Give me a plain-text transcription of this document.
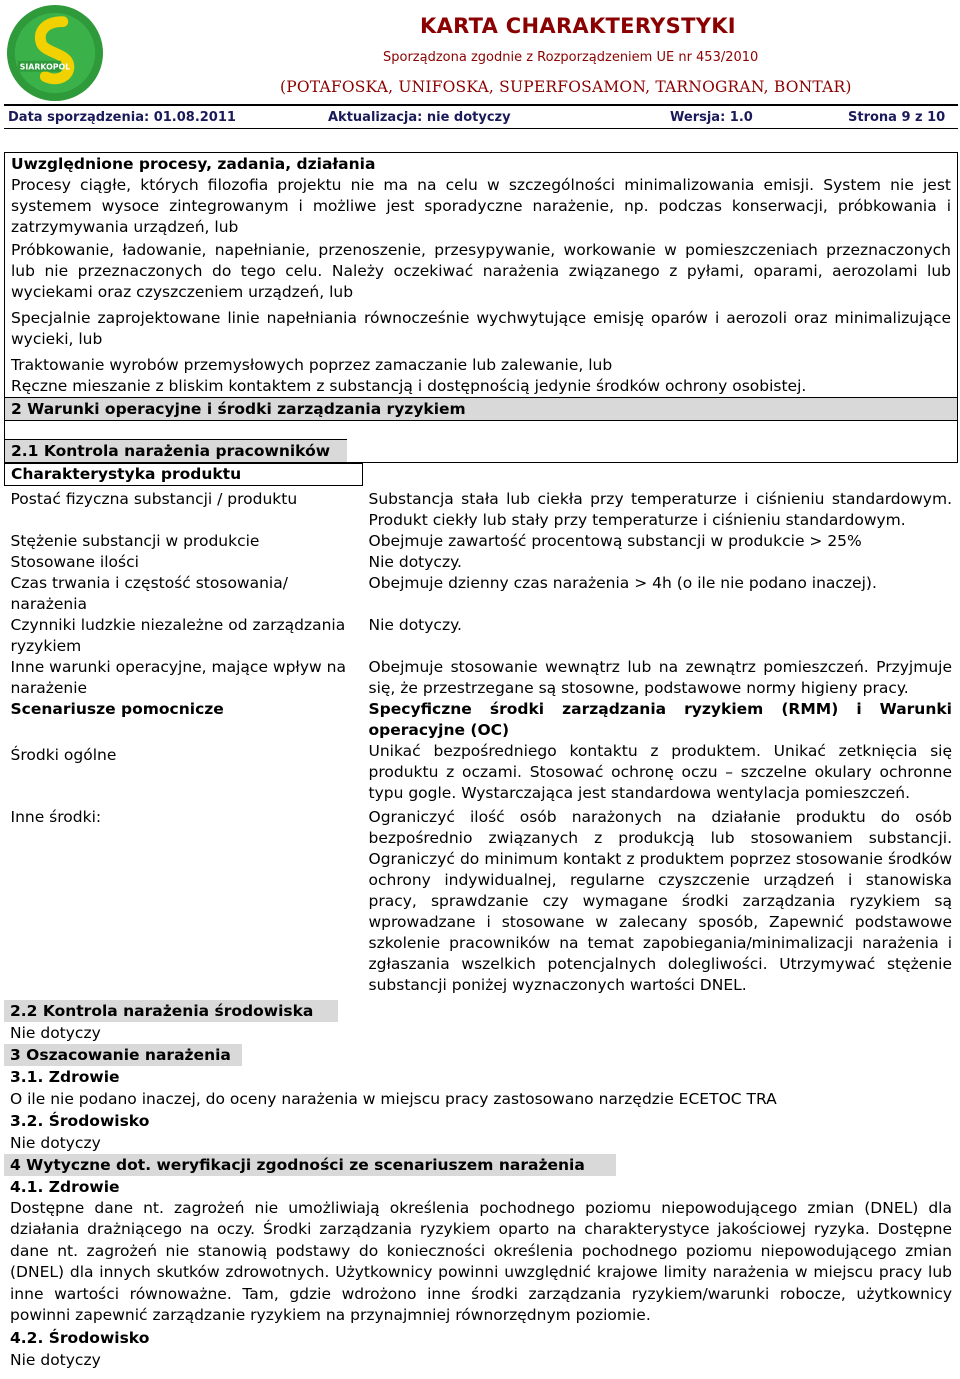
SIARKOPOL
KARTA CHARAKTERYSTYKI
Sporządzona zgodnie z Rozporządzeniem UE nr 453/2010
(POTAFOSKA, UNIFOSKA, SUPERFOSAMON, TARNOGRAN, BONTAR)
Data sporządzenia: 01.08.2011	Aktualizacja: nie dotyczy	Wersja: 1.0	Strona 9 z 10
Uwzględnione procesy, zadania, działania
Procesy ciągłe, których filozofia projektu nie ma na celu w szczególności minimalizowania emisji. System nie jest systemem wysoce zintegrowanym i możliwe jest sporadyczne narażenie, np. podczas konserwacji, próbkowania i zatrzymywania urządzeń, lub
Próbkowanie, ładowanie, napełnianie, przenoszenie, przesypywanie, workowanie w pomieszczeniach przeznaczonych lub nie przeznaczonych do tego celu. Należy oczekiwać narażenia związanego z pyłami, oparami, aerozolami lub wyciekami oraz czyszczeniem urządzeń, lub
Specjalnie zaprojektowane linie napełniania równocześnie wychwytujące emisję oparów i aerozoli oraz minimalizujące wycieki, lub
Traktowanie wyrobów przemysłowych poprzez zamaczanie lub zalewanie, lub
Ręczne mieszanie z bliskim kontaktem z substancją i dostępnością jedynie środków ochrony osobistej.
2 Warunki operacyjne i środki zarządzania ryzykiem
2.1 Kontrola narażenia pracowników
Charakterystyka produktu	
Postać fizyczna substancji / produktu	Substancja stała lub ciekła przy temperaturze i ciśnieniu standardowym. Produkt ciekły lub stały przy temperaturze i ciśnieniu standardowym.
Stężenie substancji w produkcie	Obejmuje zawartość procentową substancji w produkcie > 25%
Stosowane ilości	Nie dotyczy.
Czas trwania i częstość stosowania/ narażenia	Obejmuje dzienny czas narażenia > 4h (o ile nie podano inaczej).
Czynniki ludzkie niezależne od zarządzania ryzykiem	Nie dotyczy.
Inne warunki operacyjne, mające wpływ na narażenie	Obejmuje stosowanie wewnątrz lub na zewnątrz pomieszczeń. Przyjmuje się, że przestrzegane są stosowne, podstawowe normy higieny pracy.
Scenariusze pomocnicze	Specyficzne środki zarządzania ryzykiem (RMM) i Warunki operacyjne (OC)
Środki ogólne	Unikać bezpośredniego kontaktu z produktem. Unikać zetknięcia się produktu z oczami. Stosować ochronę oczu – szczelne okulary ochronne typu gogle. Wystarczająca jest standardowa wentylacja pomieszczeń.
Inne środki:	Ograniczyć ilość osób narażonych na działanie produktu do osób bezpośrednio związanych z produkcją lub stosowaniem substancji. Ograniczyć do minimum kontakt z produktem poprzez stosowanie środków ochrony indywidualnej, regularne czyszczenie urządzeń i stanowiska pracy, sprawdzanie czy wymagane środki zarządzania ryzykiem są wprowadzane i stosowane w zalecany sposób, Zapewnić podstawowe szkolenie pracowników na temat zapobiegania/minimalizacji narażenia i zgłaszania wszelkich potencjalnych dolegliwości. Utrzymywać stężenie substancji poniżej wyznaczonych wartości DNEL.
2.2 Kontrola narażenia środowiska
Nie dotyczy
3 Oszacowanie narażenia
3.1. Zdrowie
O ile nie podano inaczej, do oceny narażenia w miejscu pracy zastosowano narzędzie ECETOC TRA
3.2. Środowisko
Nie dotyczy
4 Wytyczne dot. weryfikacji zgodności ze scenariuszem narażenia
4.1. Zdrowie
Dostępne dane nt. zagrożeń nie umożliwiają określenia pochodnego poziomu niepowodującego zmian (DNEL) dla działania drażniącego na oczy. Środki zarządzania ryzykiem oparto na charakterystyce jakościowej ryzyka. Dostępne dane nt. zagrożeń nie stanowią podstawy do konieczności określenia pochodnego poziomu niepowodującego zmian (DNEL) dla innych skutków zdrowotnych. Użytkownicy powinni uwzględnić krajowe limity narażenia w miejscu pracy lub inne wartości równoważne. Tam, gdzie wdrożono inne środki zarządzania ryzykiem/warunki robocze, użytkownicy powinni zapewnić zarządzanie ryzykiem na przynajmniej równorzędnym poziomie.
4.2. Środowisko
Nie dotyczy
